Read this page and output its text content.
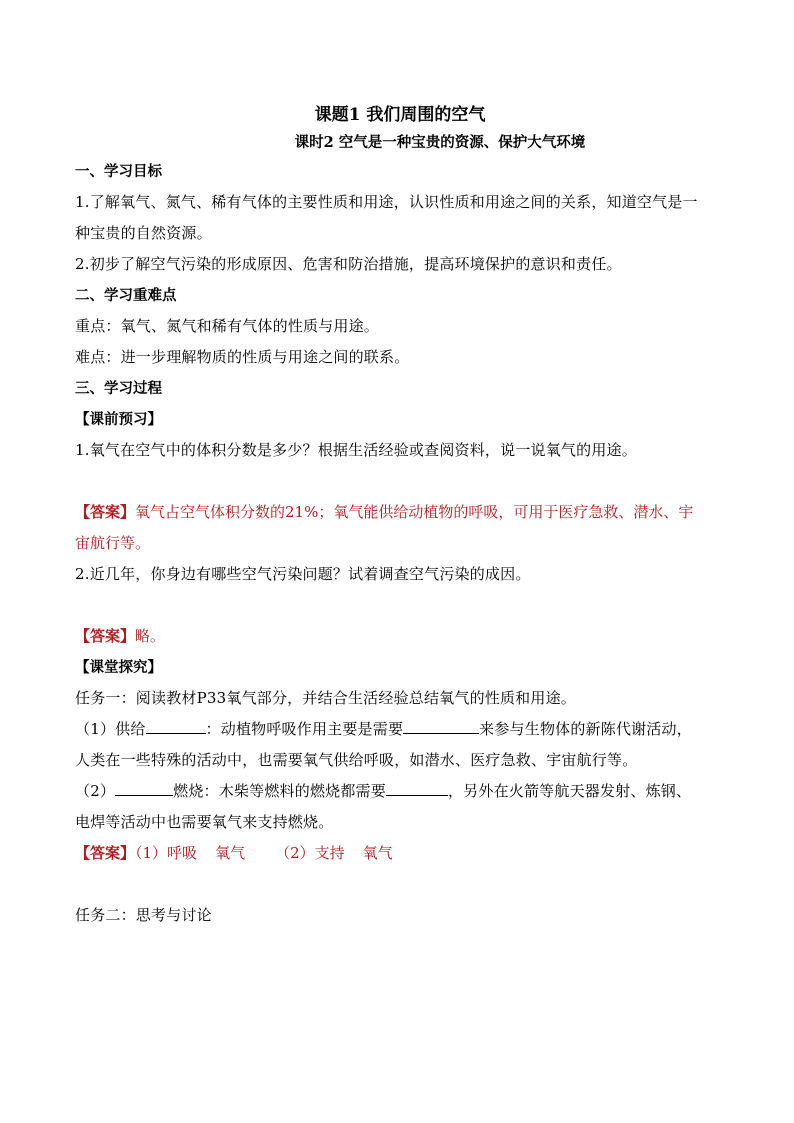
课题1 我们周围的空气
课时2 空气是一种宝贵的资源、保护大气环境
一、学习目标
1.了解氧气、氮气、稀有气体的主要性质和用途，认识性质和用途之间的关系，知道空气是一
种宝贵的自然资源。
2.初步了解空气污染的形成原因、危害和防治措施，提高环境保护的意识和责任。
二、学习重难点
重点：氧气、氮气和稀有气体的性质与用途。
难点：进一步理解物质的性质与用途之间的联系。
三、学习过程
【课前预习】
1.氧气在空气中的体积分数是多少？根据生活经验或查阅资料，说一说氧气的用途。
【答案】氧气占空气体积分数的21%；氧气能供给动植物的呼吸，可用于医疗急救、潜水、宇
宙航行等。
2.近几年，你身边有哪些空气污染问题？试着调查空气污染的成因。
【答案】略。
【课堂探究】
任务一：阅读教材P33氧气部分，并结合生活经验总结氧气的性质和用途。
（1）供给	：动植物呼吸作用主要是需要	来参与生物体的新陈代谢活动，
人类在一些特殊的活动中，也需要氧气供给呼吸，如潜水、医疗急救、宇宙航行等。
（2）	燃烧：木柴等燃料的燃烧都需要	，另外在火箭等航天器发射、炼钢、
电焊等活动中也需要氧气来支持燃烧。
【答案】（1）呼吸 氧气 （2）支持 氧气
任务二：思考与讨论
